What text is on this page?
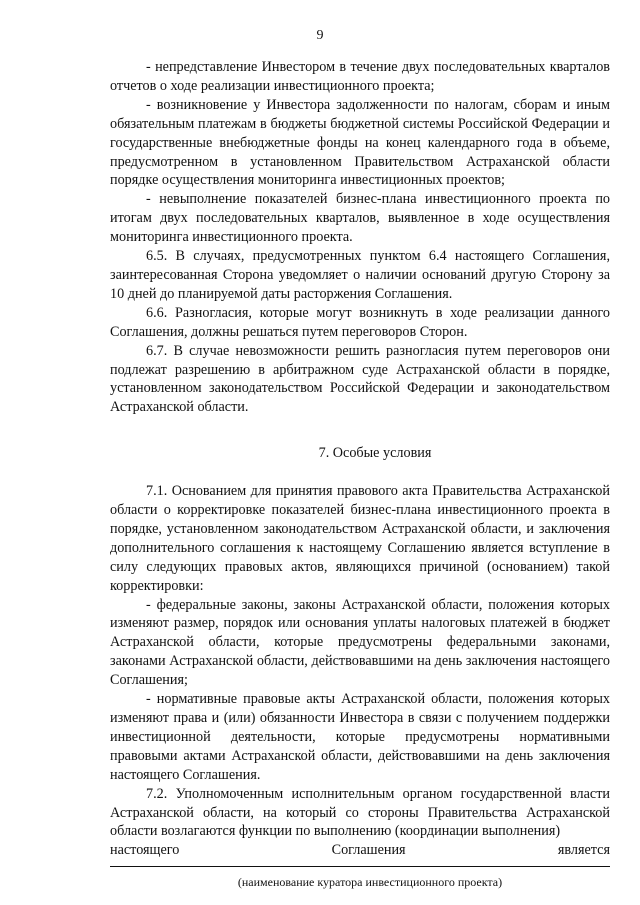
9

- непредставление Инвестором в течение двух последовательных кварталов отчетов о ходе реализации инвестиционного проекта;

- возникновение у Инвестора задолженности по налогам, сборам и иным обязательным платежам в бюджеты бюджетной системы Российской Федерации и государственные внебюджетные фонды на конец календарного года в объеме, предусмотренном в установленном Правительством Астраханской области порядке осуществления мониторинга инвестиционных проектов;

- невыполнение показателей бизнес-плана инвестиционного проекта по итогам двух последовательных кварталов, выявленное в ходе осуществления мониторинга инвестиционного проекта.

6.5. В случаях, предусмотренных пунктом 6.4 настоящего Соглашения, заинтересованная Сторона уведомляет о наличии оснований другую Сторону за 10 дней до планируемой даты расторжения Соглашения.

6.6. Разногласия, которые могут возникнуть в ходе реализации данного Соглашения, должны решаться путем переговоров Сторон.

6.7. В случае невозможности решить разногласия путем переговоров они подлежат разрешению в арбитражном суде Астраханской области в порядке, установленном законодательством Российской Федерации и законодательством Астраханской области.

7. Особые условия

7.1. Основанием для принятия правового акта Правительства Астраханской области о корректировке показателей бизнес-плана инвестиционного проекта в порядке, установленном законодательством Астраханской области, и заключения дополнительного соглашения к настоящему Соглашению является вступление в силу следующих правовых актов, являющихся причиной (основанием) такой корректировки:

- федеральные законы, законы Астраханской области, положения которых изменяют размер, порядок или основания уплаты налоговых платежей в бюджет Астраханской области, которые предусмотрены федеральными законами, законами Астраханской области, действовавшими на день заключения настоящего Соглашения;

- нормативные правовые акты Астраханской области, положения которых изменяют права и (или) обязанности Инвестора в связи с получением поддержки инвестиционной деятельности, которые предусмотрены нормативными правовыми актами Астраханской области, действовавшими на день заключения настоящего Соглашения.

7.2. Уполномоченным исполнительным органом государственной власти Астраханской области, на который со стороны Правительства Астраханской области возлагаются функции по выполнению (координации выполнения)

настоящего	Соглашения	является
(наименование куратора инвестиционного проекта)
